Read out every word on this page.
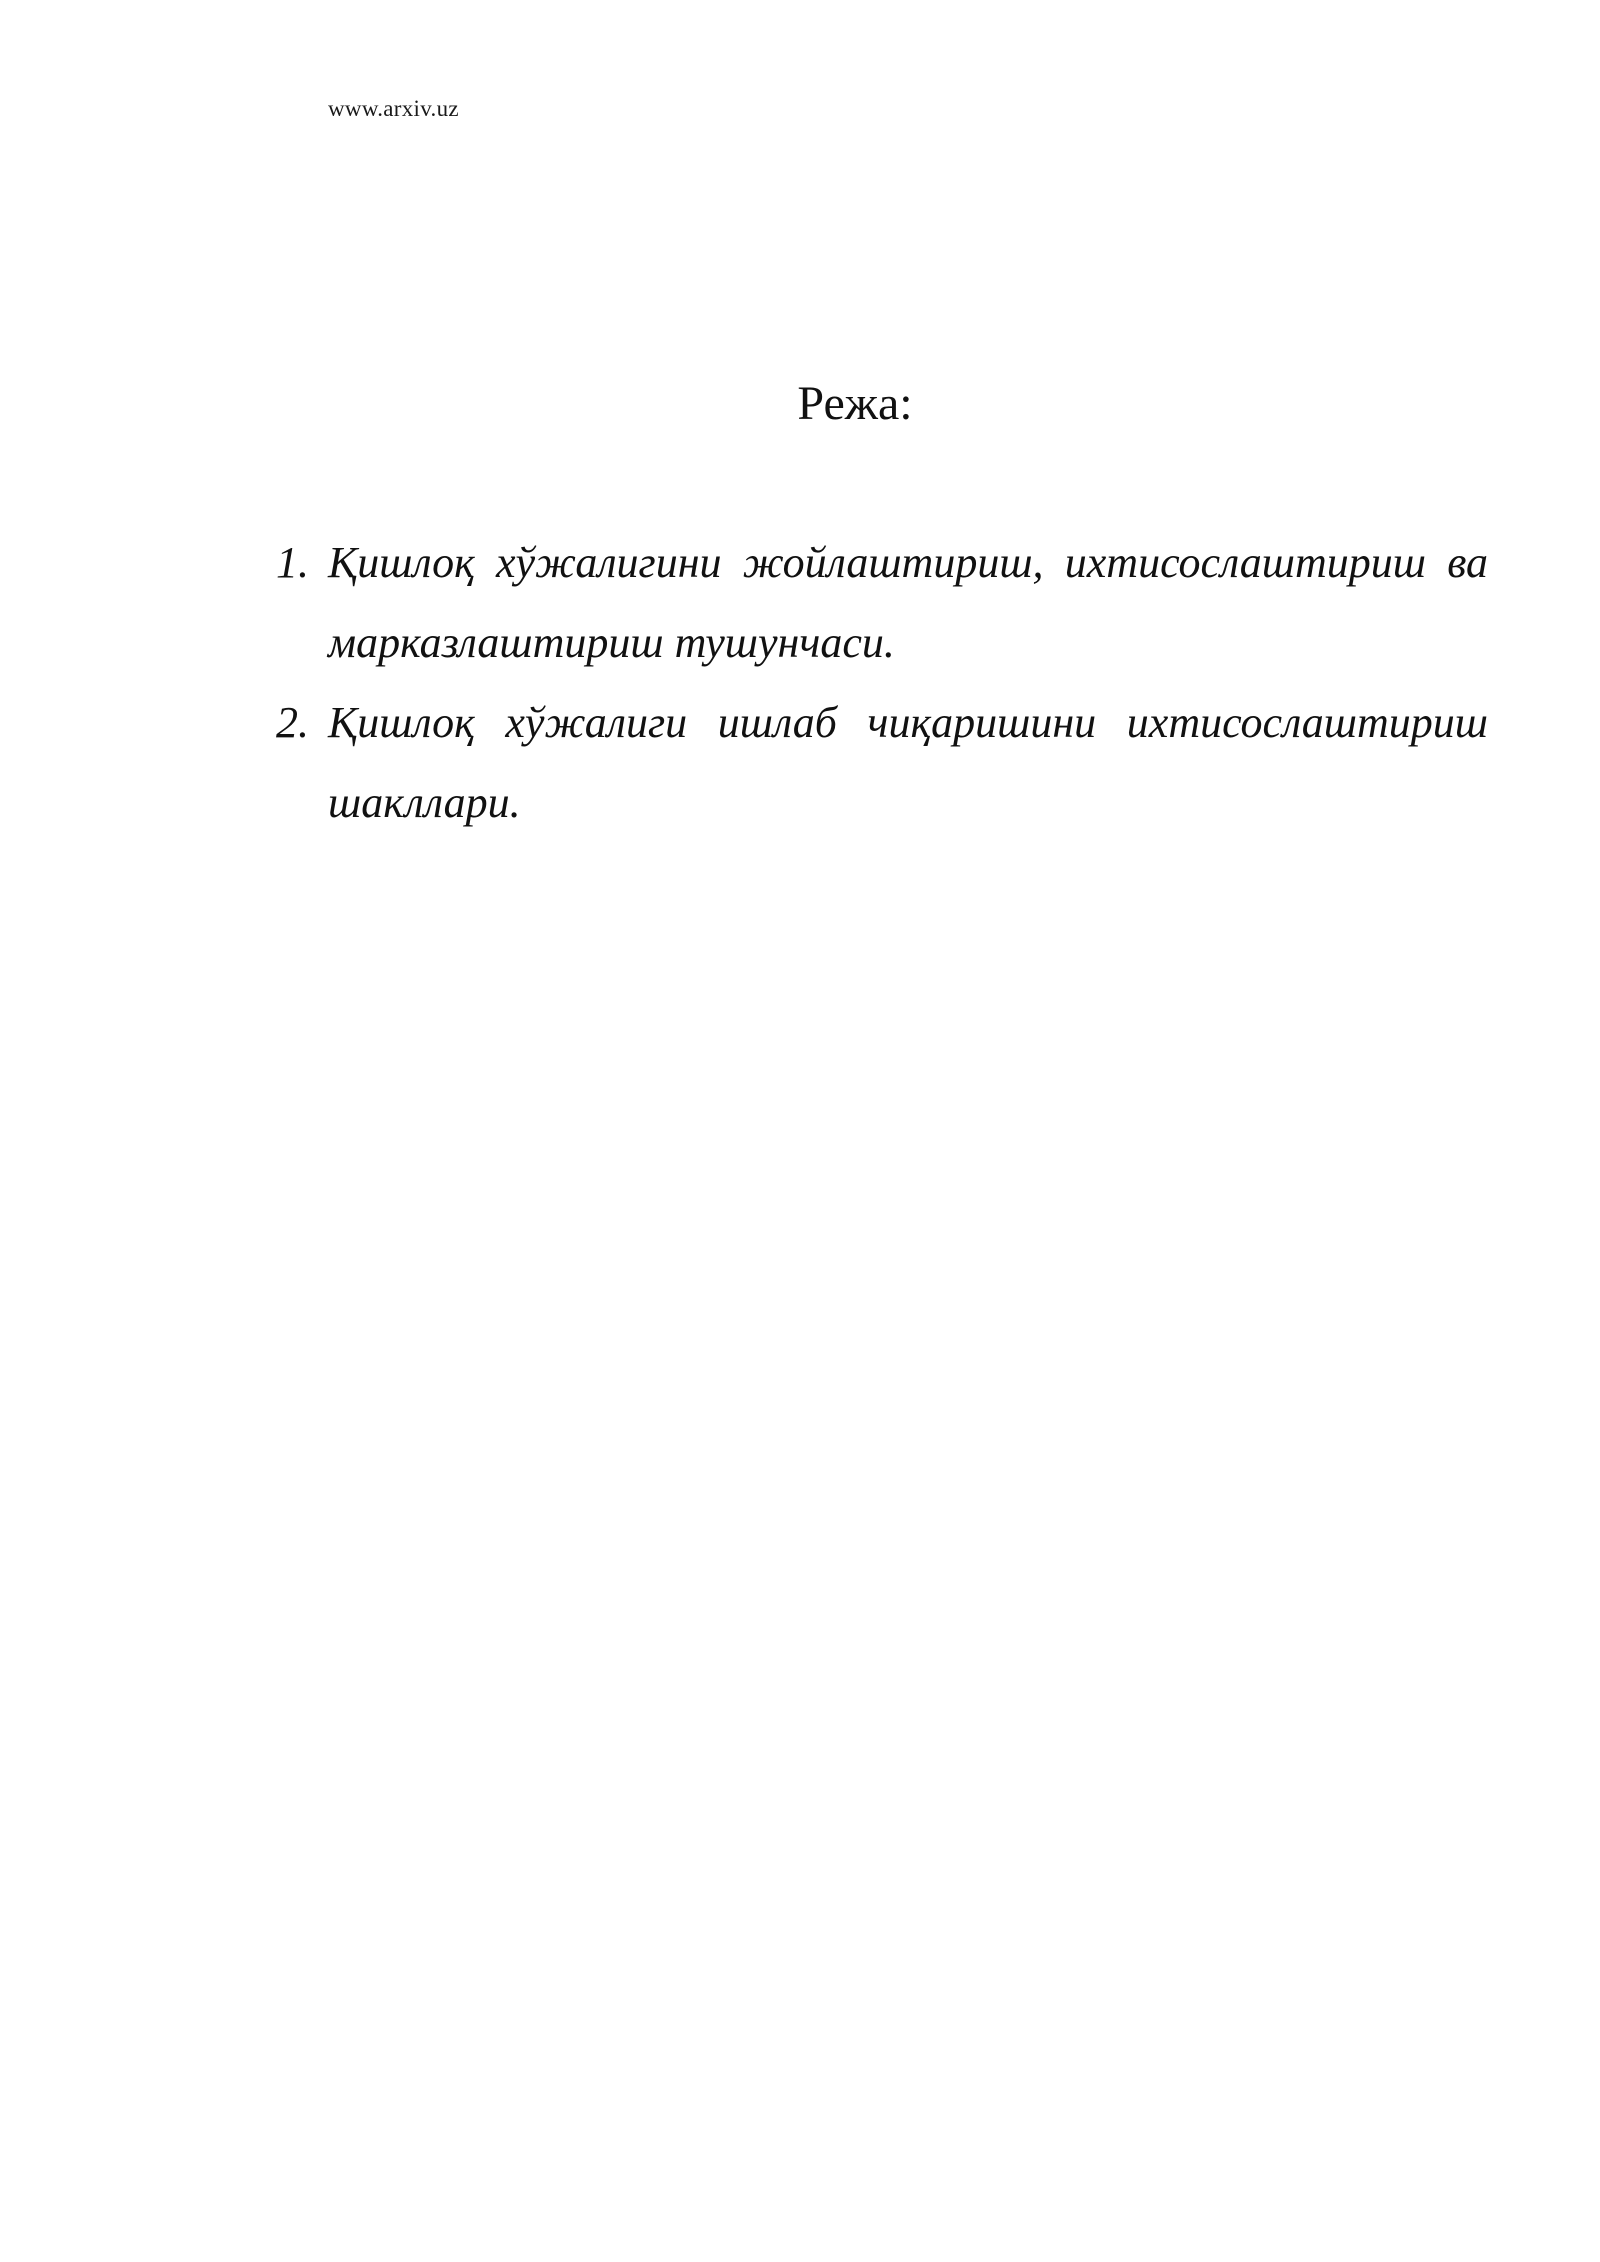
www.arxiv.uz
Режа:
1. Қишлоқ хўжалигини жойлаштириш, ихтисослаштириш ва марказлаштириш тушунчаси.
2. Қишлоқ хўжалиги ишлаб чиқаришини ихтисослаштириш шакллари.
